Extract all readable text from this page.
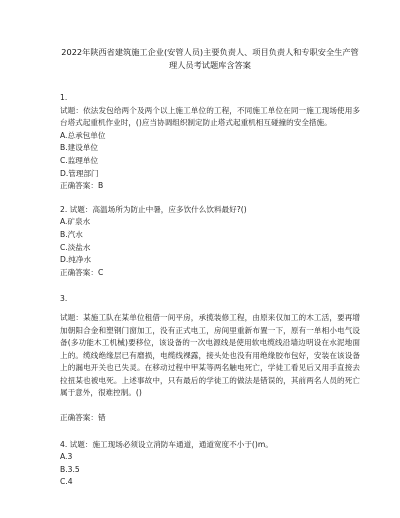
2022年陕西省建筑施工企业(安管人员)主要负责人、项目负责人和专职安全生产管理人员考试题库含答案
1.
试题：依法发包给两个及两个以上施工单位的工程，不同施工单位在同一施工现场使用多台塔式起重机作业时，()应当协调组织制定防止塔式起重机相互碰撞的安全措施。
A.总承包单位
B.建设单位
C.监理单位
D.管理部门
正确答案：B
2. 试题：高温场所为防止中暑，应多饮什么饮料最好?()
A.矿泉水
B.汽水
C.淡盐水
D.纯净水
正确答案：C
3.
试题：某施工队在某单位租借一间平房，承揽装修工程，由原来仅加工的木工活，要再增加朝阳合金和塑钢门窗加工，没有正式电工，房间里重新布置一下，原有一单相小电气设备(多功能木工机械)要移位，该设备的一次电源线是使用软电缆线沿墙边明设在水泥地面上的。缆线绝缘层已有磨损，电缆线裸露，接头处也没有用绝缘胶布包好，安装在该设备上的漏电开关也已失灵。在移动过程中甲某等两名触电死亡，学徒工看见后又用手直接去拉扭某也被电死。上述事故中，只有最后的学徒工的做法是错误的，其前两名人员的死亡属于意外，很难控制。()
正确答案：错
4. 试题：施工现场必须设立消防车通道，通道宽度不小于()m。
A.3
B.3.5
C.4
